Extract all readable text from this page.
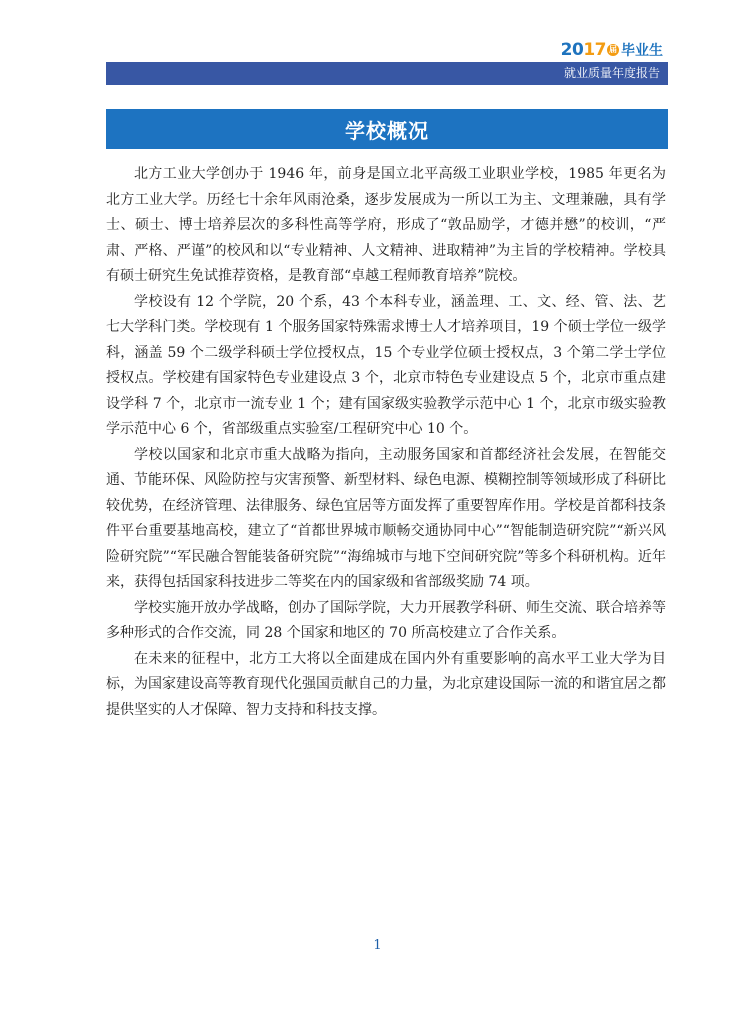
2017 届 毕业生
就业质量年度报告
学校概况

北方工业大学创办于 1946 年，前身是国立北平高级工业职业学校，1985 年更名为北方工业大学。历经七十余年风雨沧桑，逐步发展成为一所以工为主、文理兼融，具有学士、硕士、博士培养层次的多科性高等学府，形成了“敦品励学，才德并懋”的校训，“严肃、严格、严谨”的校风和以“专业精神、人文精神、进取精神”为主旨的学校精神。学校具有硕士研究生免试推荐资格，是教育部“卓越工程师教育培养”院校。

学校设有 12 个学院，20 个系，43 个本科专业，涵盖理、工、文、经、管、法、艺七大学科门类。学校现有 1 个服务国家特殊需求博士人才培养项目，19 个硕士学位一级学科，涵盖 59 个二级学科硕士学位授权点，15 个专业学位硕士授权点，3 个第二学士学位授权点。学校建有国家特色专业建设点 3 个，北京市特色专业建设点 5 个，北京市重点建设学科 7 个，北京市一流专业 1 个；建有国家级实验教学示范中心 1 个，北京市级实验教学示范中心 6 个，省部级重点实验室/工程研究中心 10 个。

学校以国家和北京市重大战略为指向，主动服务国家和首都经济社会发展，在智能交通、节能环保、风险防控与灾害预警、新型材料、绿色电源、模糊控制等领域形成了科研比较优势，在经济管理、法律服务、绿色宜居等方面发挥了重要智库作用。学校是首都科技条件平台重要基地高校，建立了“首都世界城市顺畅交通协同中心”“智能制造研究院”“新兴风险研究院”“军民融合智能装备研究院”“海绵城市与地下空间研究院”等多个科研机构。近年来，获得包括国家科技进步二等奖在内的国家级和省部级奖励 74 项。

学校实施开放办学战略，创办了国际学院，大力开展教学科研、师生交流、联合培养等多种形式的合作交流，同 28 个国家和地区的 70 所高校建立了合作关系。

在未来的征程中，北方工大将以全面建成在国内外有重要影响的高水平工业大学为目标，为国家建设高等教育现代化强国贡献自己的力量，为北京建设国际一流的和谐宜居之都提供坚实的人才保障、智力支持和科技支撑。

1
